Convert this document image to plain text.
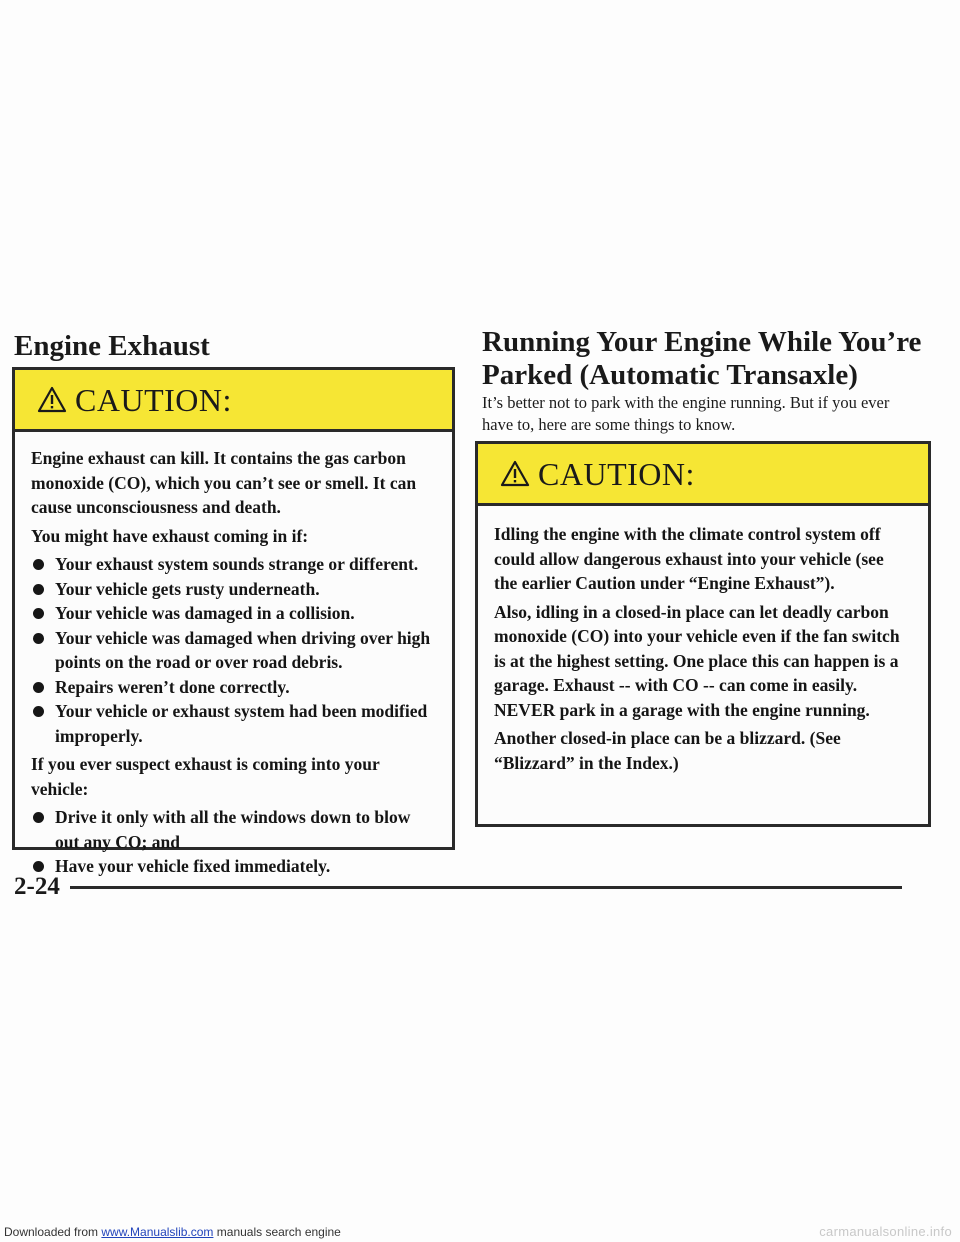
Engine Exhaust
CAUTION:

Engine exhaust can kill. It contains the gas carbon monoxide (CO), which you can’t see or smell. It can cause unconsciousness and death.

You might have exhaust coming in if:

Your exhaust system sounds strange or different.
Your vehicle gets rusty underneath.
Your vehicle was damaged in a collision.
Your vehicle was damaged when driving over high points on the road or over road debris.
Repairs weren’t done correctly.
Your vehicle or exhaust system had been modified improperly.

If you ever suspect exhaust is coming into your vehicle:

Drive it only with all the windows down to blow out any CO; and
Have your vehicle fixed immediately.
Running Your Engine While You’re Parked (Automatic Transaxle)

It’s better not to park with the engine running. But if you ever have to, here are some things to know.

CAUTION:

Idling the engine with the climate control system off could allow dangerous exhaust into your vehicle (see the earlier Caution under “Engine Exhaust”).

Also, idling in a closed-in place can let deadly carbon monoxide (CO) into your vehicle even if the fan switch is at the highest setting. One place this can happen is a garage. Exhaust -- with CO -- can come in easily. NEVER park in a garage with the engine running.

Another closed-in place can be a blizzard. (See “Blizzard” in the Index.)

2-24
Downloaded from www.Manualslib.com manuals search engine	carmanualsonline.info
